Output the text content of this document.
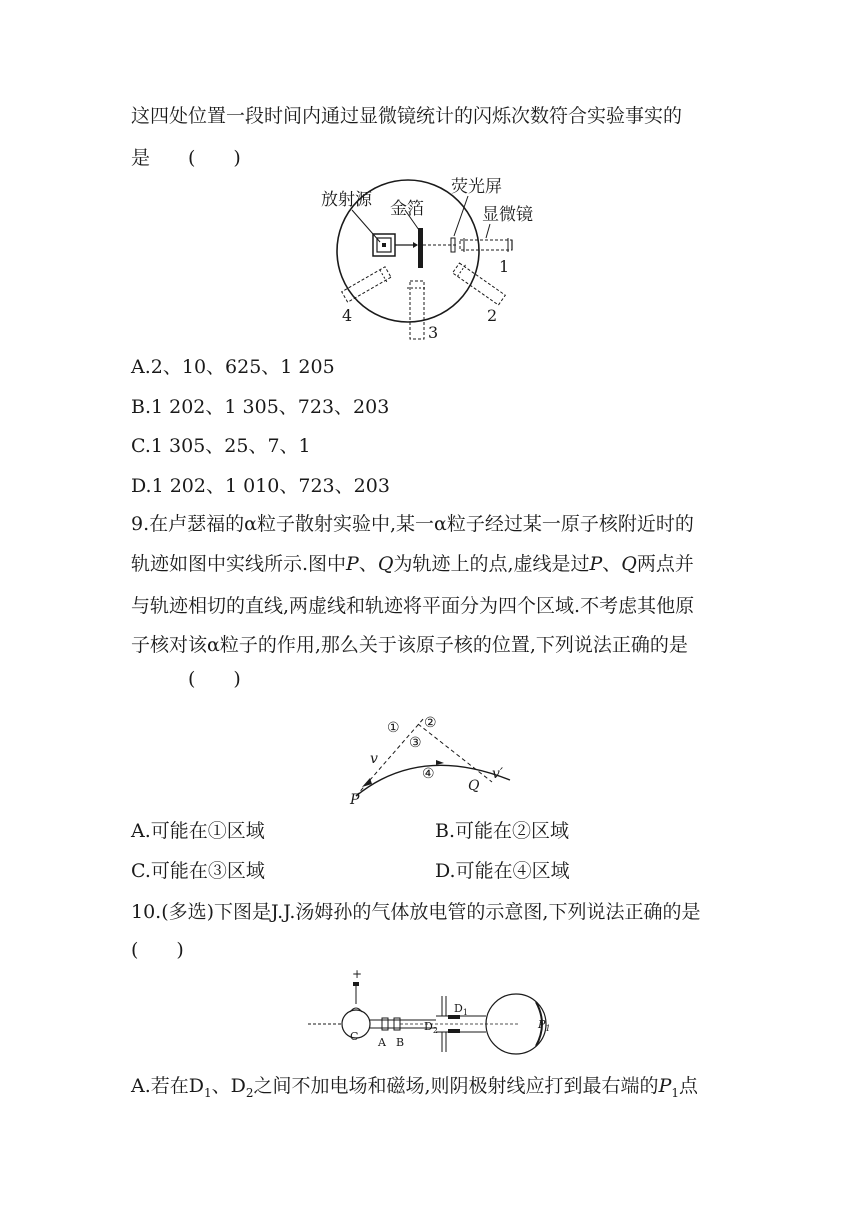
这四处位置一段时间内通过显微镜统计的闪烁次数符合实验事实的
是　　(　　)
放射源 金箔
荧光屏
显微镜
1
2
3
4
A.2、10、625、1 205
B.1 202、1 305、723、203
C.1 305、25、7、1
D.1 202、1 010、723、203
9.在卢瑟福的α粒子散射实验中,某一α粒子经过某一原子核附近时的
轨迹如图中实线所示.图中P、Q为轨迹上的点,虚线是过P、Q两点并
与轨迹相切的直线,两虚线和轨迹将平面分为四个区域.不考虑其他原
子核对该α粒子的作用,那么关于该原子核的位置,下列说法正确的是
(　　)
① ②
③
④
v
v′
P
Q
A.可能在①区域	B.可能在②区域
C.可能在③区域	D.可能在④区域
10.(多选)下图是J.J.汤姆孙的气体放电管的示意图,下列说法正确的是
(　　)
+
C A B
$D_1$
$D_2$	$P_1$
A.若在$D_1$、$D_2$之间不加电场和磁场,则阴极射线应打到最右端的$P_1$点
